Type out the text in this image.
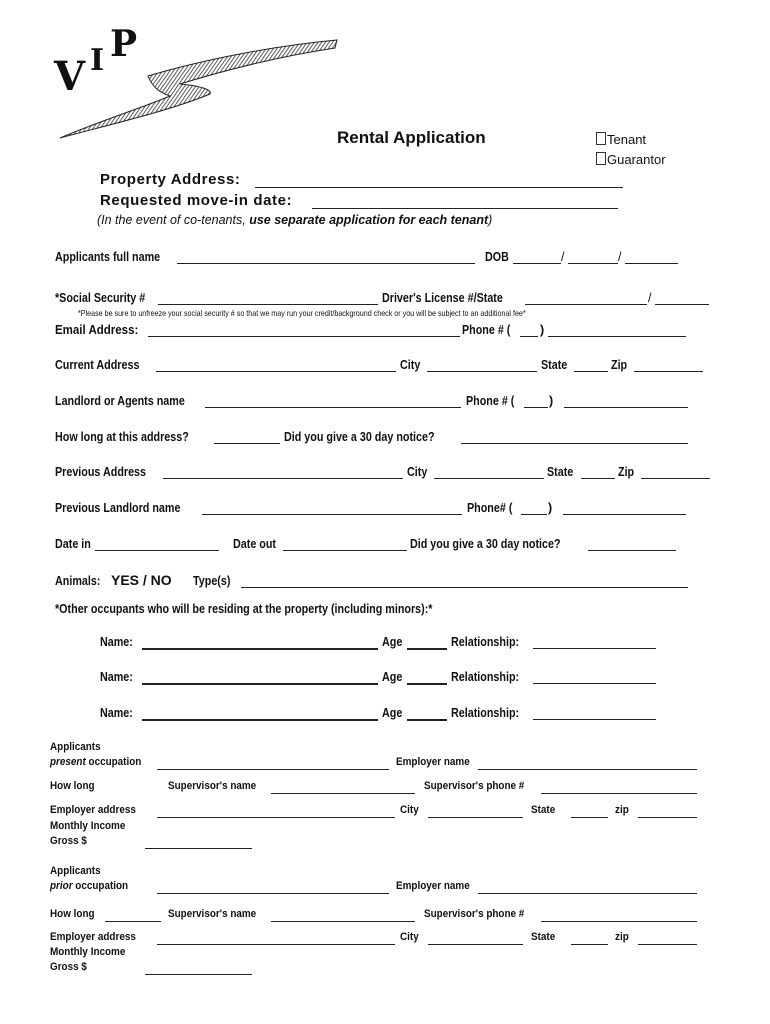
V I P
Rental Application	Tenant
Guarantor
Property Address:
Requested move-in date:
(In the event of co-tenants, use separate application for each tenant)
Applicants full name	DOB	/	/
*Social Security #	Driver's License #/State	/
*Please be sure to unfreeze your social security # so that we may run your credit/background check or you will be subject to an additional fee*
Email Address:	Phone # ( )
Current Address	City	State	Zip
Landlord or Agents name	Phone # (	)
How long at this address?	Did you give a 30 day notice?
Previous Address	City	State	Zip
Previous Landlord name	Phone# (	)
Date in	Date out	Did you give a 30 day notice?
Animals: YES / NO Type(s)
*Other occupants who will be residing at the property (including minors):*
Name:	Age	Relationship:
Name:	Age	Relationship:
Name:	Age	Relationship:
Applicants
present occupation	Employer name
How long	Supervisor's name	Supervisor's phone #
Employer address	City	State	zip
Monthly Income
Gross $
Applicants
prior occupation	Employer name
How long	Supervisor's name	Supervisor's phone #
Employer address	City	State	zip
Monthly Income
Gross $
